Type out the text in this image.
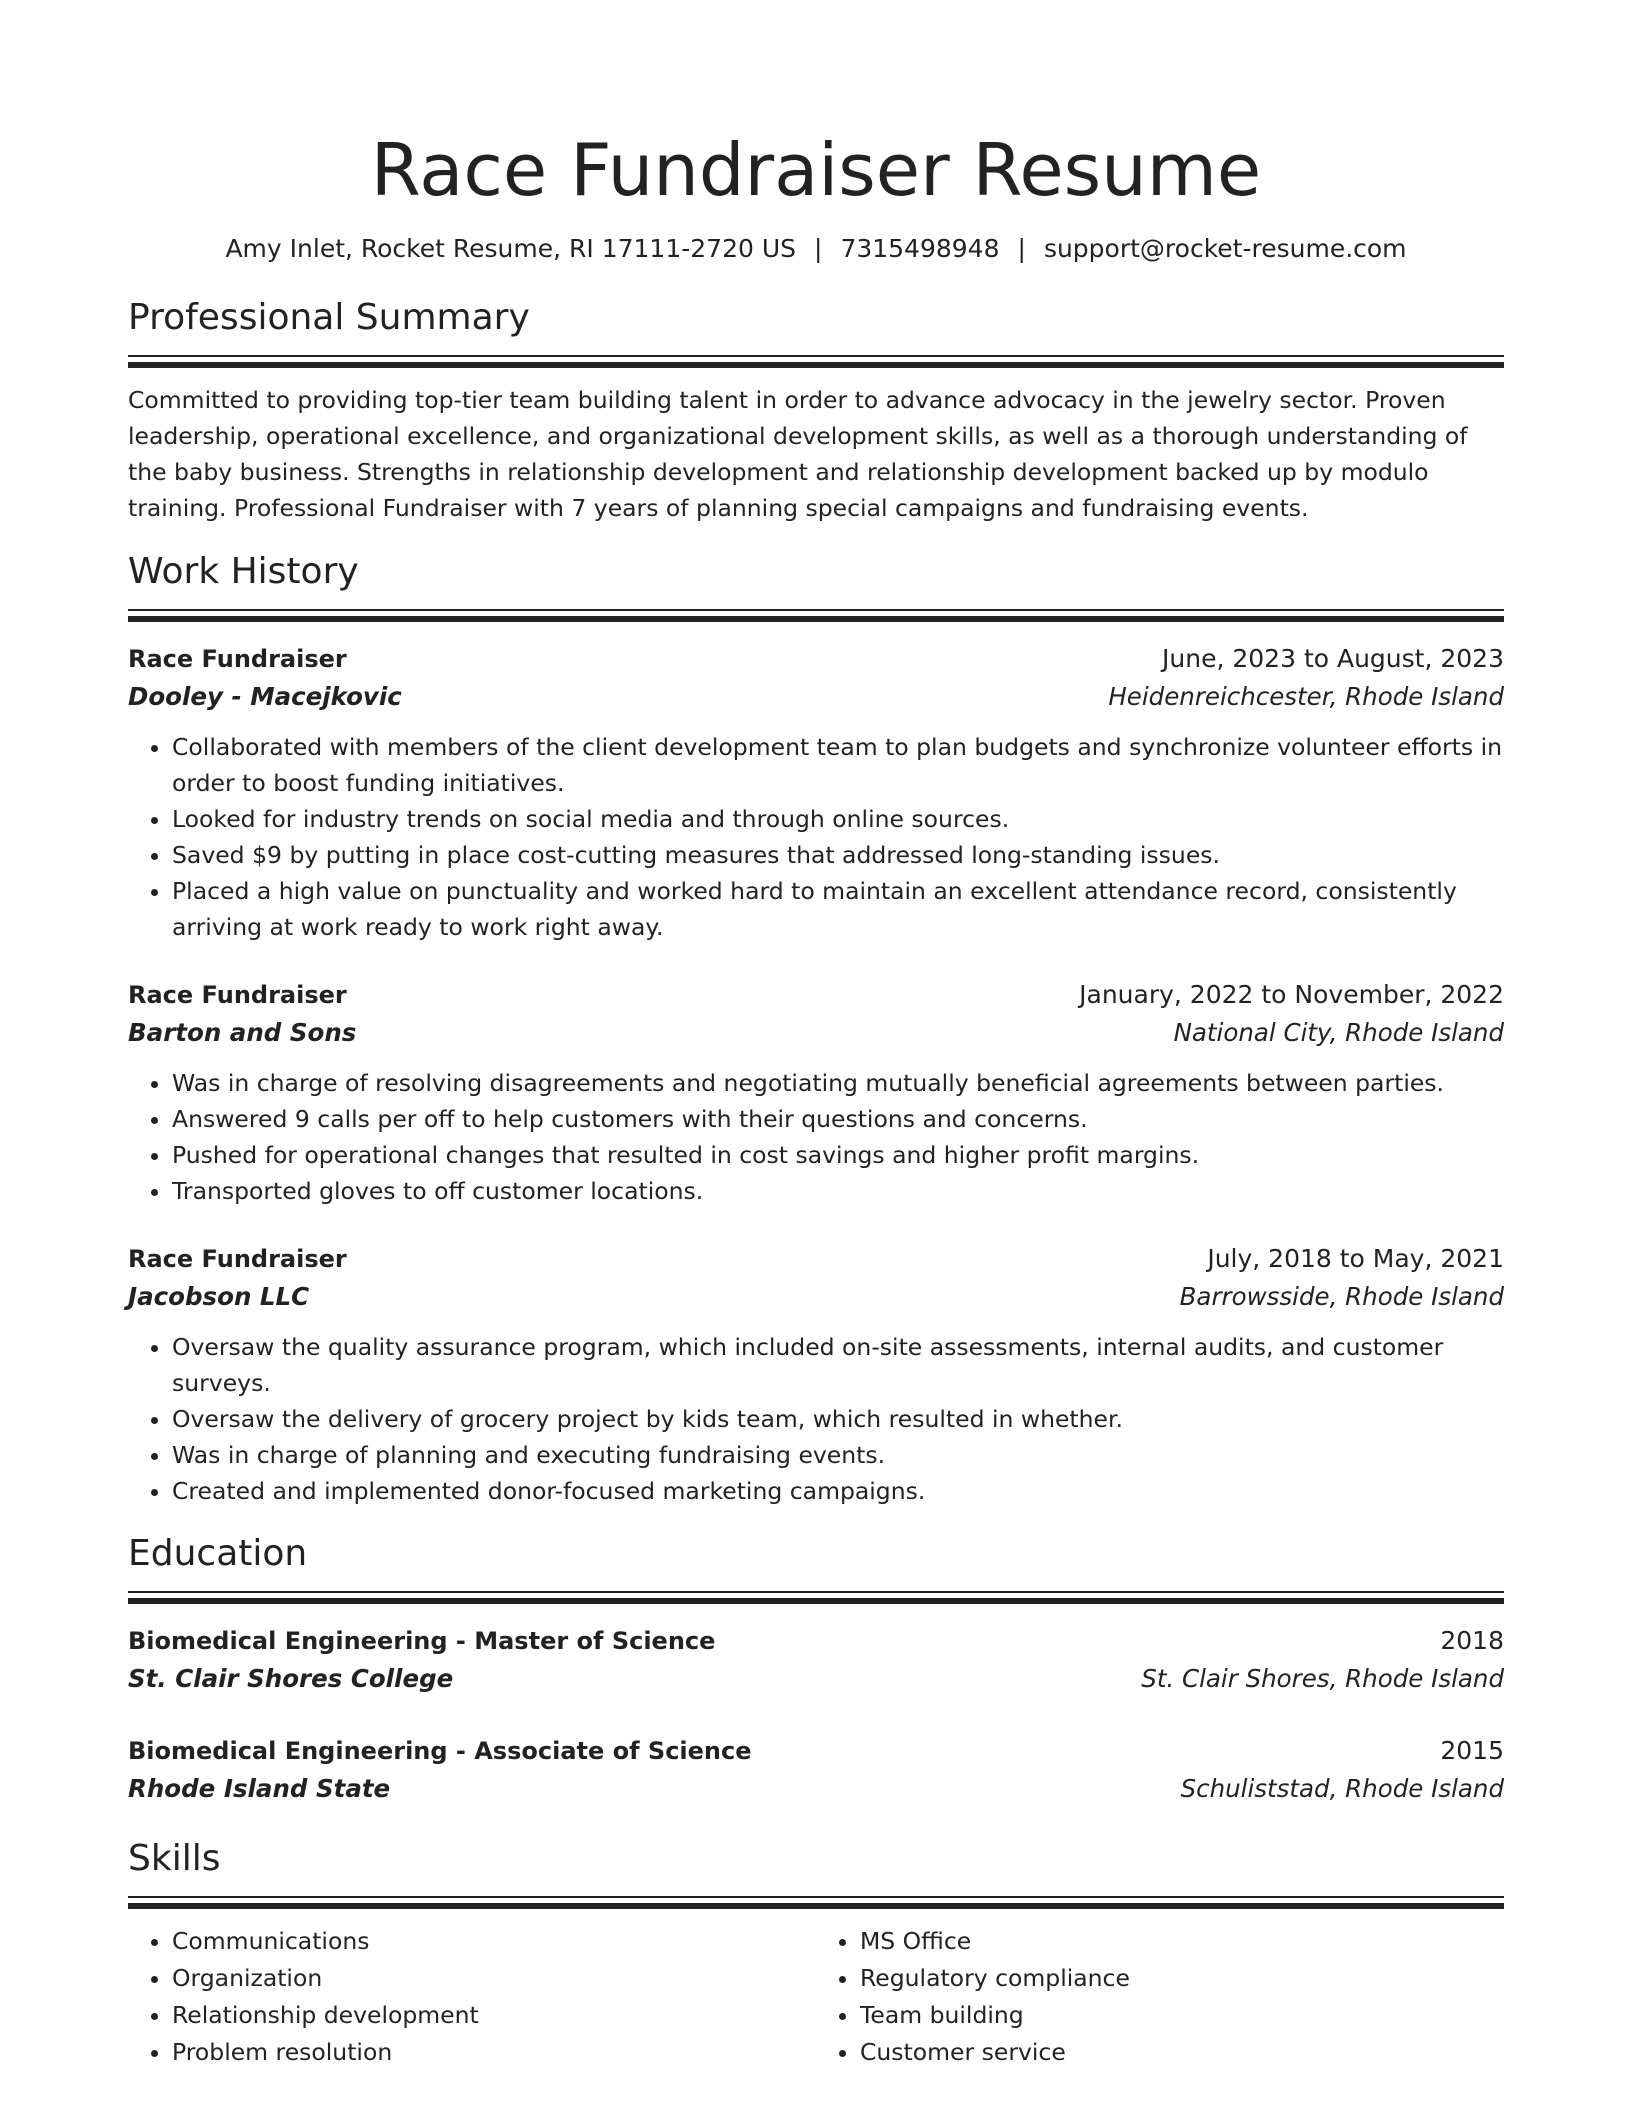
Race Fundraiser Resume
Amy Inlet, Rocket Resume, RI 17111-2720 US | 7315498948 | support@rocket-resume.com
Professional Summary
Committed to providing top-tier team building talent in order to advance advocacy in the jewelry sector. Proven leadership, operational excellence, and organizational development skills, as well as a thorough understanding of the baby business. Strengths in relationship development and relationship development backed up by modulo training. Professional Fundraiser with 7 years of planning special campaigns and fundraising events.
Work History
Race Fundraiser	June, 2023 to August, 2023
Dooley - Macejkovic	Heidenreichcester, Rhode Island
• Collaborated with members of the client development team to plan budgets and synchronize volunteer efforts in order to boost funding initiatives.
• Looked for industry trends on social media and through online sources.
• Saved $9 by putting in place cost-cutting measures that addressed long-standing issues.
• Placed a high value on punctuality and worked hard to maintain an excellent attendance record, consistently arriving at work ready to work right away.
Race Fundraiser	January, 2022 to November, 2022
Barton and Sons	National City, Rhode Island
• Was in charge of resolving disagreements and negotiating mutually beneficial agreements between parties.
• Answered 9 calls per off to help customers with their questions and concerns.
• Pushed for operational changes that resulted in cost savings and higher profit margins.
• Transported gloves to off customer locations.
Race Fundraiser	July, 2018 to May, 2021
Jacobson LLC	Barrowsside, Rhode Island
• Oversaw the quality assurance program, which included on-site assessments, internal audits, and customer surveys.
• Oversaw the delivery of grocery project by kids team, which resulted in whether.
• Was in charge of planning and executing fundraising events.
• Created and implemented donor-focused marketing campaigns.
Education
Biomedical Engineering - Master of Science	2018
St. Clair Shores College	St. Clair Shores, Rhode Island
Biomedical Engineering - Associate of Science	2015
Rhode Island State	Schuliststad, Rhode Island
Skills
• Communications
• Organization
• Relationship development
• Problem resolution
• MS Office
• Regulatory compliance
• Team building
• Customer service
